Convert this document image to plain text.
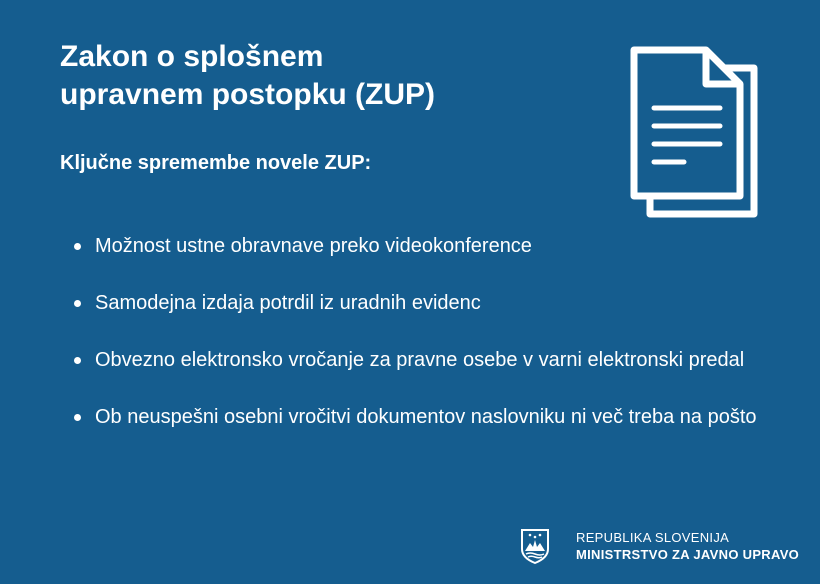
Zakon o splošnem
upravnem postopku (ZUP)
Ključne spremembe novele ZUP:
Možnost ustne obravnave preko videokonference
Samodejna izdaja potrdil iz uradnih evidenc
Obvezno elektronsko vročanje za pravne osebe v varni elektronski predal
Ob neuspešni osebni vročitvi dokumentov naslovniku ni več treba na pošto
REPUBLIKA SLOVENIJA
MINISTRSTVO ZA JAVNO UPRAVO
